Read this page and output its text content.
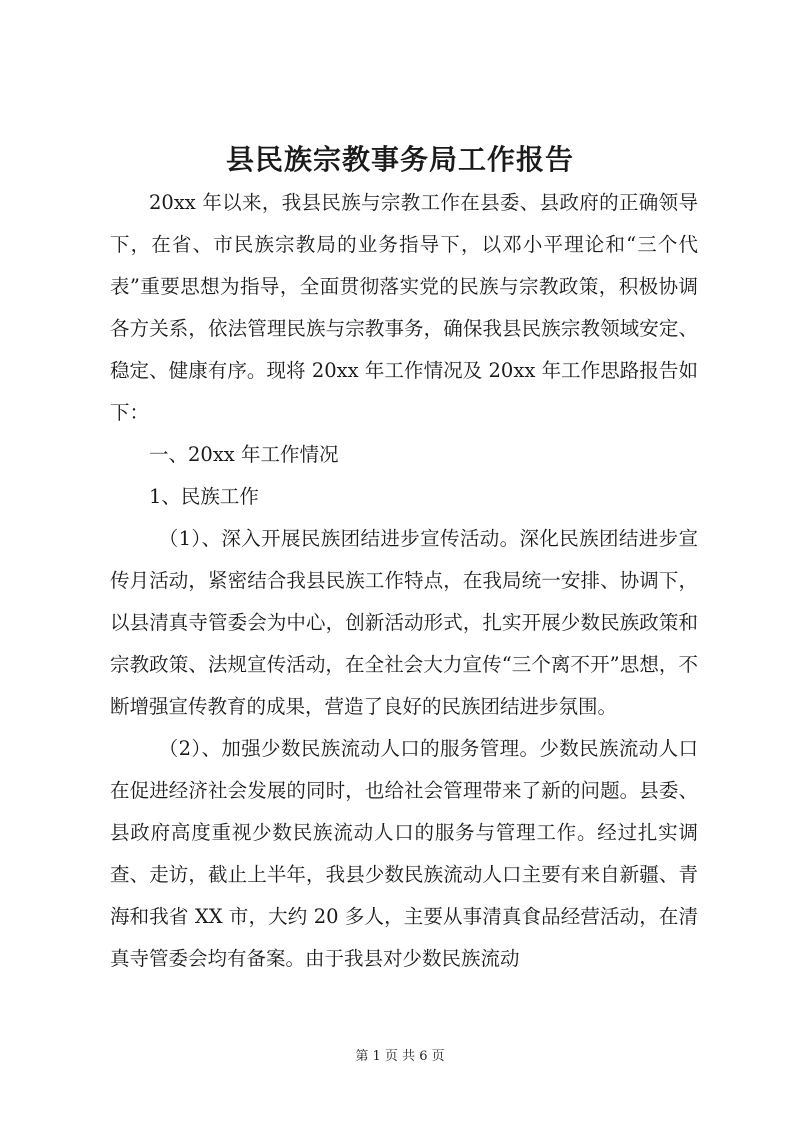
县民族宗教事务局工作报告

20xx 年以来，我县民族与宗教工作在县委、县政府的正确领导下，在省、市民族宗教局的业务指导下，以邓小平理论和“三个代表”重要思想为指导，全面贯彻落实党的民族与宗教政策，积极协调各方关系，依法管理民族与宗教事务，确保我县民族宗教领域安定、稳定、健康有序。现将 20xx 年工作情况及 20xx 年工作思路报告如下：

一、20xx 年工作情况

1、民族工作

（1）、深入开展民族团结进步宣传活动。深化民族团结进步宣传月活动，紧密结合我县民族工作特点，在我局统一安排、协调下，以县清真寺管委会为中心，创新活动形式，扎实开展少数民族政策和宗教政策、法规宣传活动，在全社会大力宣传“三个离不开”思想，不断增强宣传教育的成果，营造了良好的民族团结进步氛围。

（2）、加强少数民族流动人口的服务管理。少数民族流动人口在促进经济社会发展的同时，也给社会管理带来了新的问题。县委、县政府高度重视少数民族流动人口的服务与管理工作。经过扎实调查、走访，截止上半年，我县少数民族流动人口主要有来自新疆、青海和我省 XX 市，大约 20 多人，主要从事清真食品经营活动，在清真寺管委会均有备案。由于我县对少数民族流动

第 1 页 共 6 页
